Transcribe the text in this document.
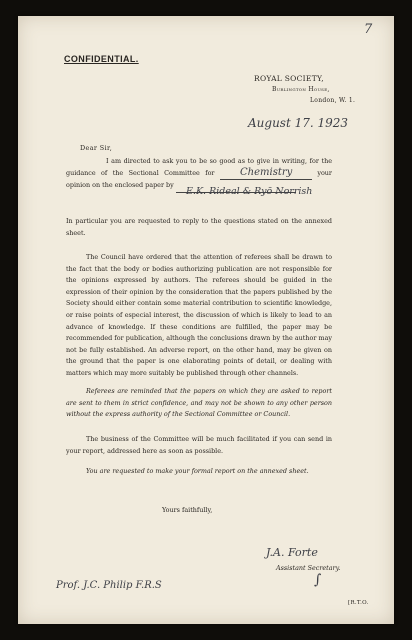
7
CONFIDENTIAL.
ROYAL SOCIETY,
Burlington House,
London, W. 1.
August 17. 1923
Dear Sir,

I am directed to ask you to be so good as to give in writing, for the guidance of the Sectional Committee for	your opinion on the enclosed paper by

Chemistry
E.K. Rideal & Ryō Norrish

In particular you are requested to reply to the questions stated on the annexed sheet.

The Council have ordered that the attention of referees shall be drawn to the fact that the body or bodies authorizing publication are not responsible for the opinions expressed by authors. The referees should be guided in the expression of their opinion by the consideration that the papers published by the Society should either contain some material contribution to scientific knowledge, or raise points of especial interest, the discussion of which is likely to lead to an advance of knowledge. If these conditions are fulfilled, the paper may be recommended for publication, although the conclusions drawn by the author may not be fully established. An adverse report, on the other hand, may be given on the ground that the paper is one elaborating points of detail, or dealing with matters which may more suitably be published through other channels.

Referees are reminded that the papers on which they are asked to report are sent to them in strict confidence, and may not be shown to any other person without the express authority of the Sectional Committee or Council.

The business of the Committee will be much facilitated if you can send in your report, addressed here as soon as possible.

You are requested to make your formal report on the annexed sheet.

Yours faithfully,
J.A. Forte
Assistant Secretary.
∫
Prof. J.C. Philip F.R.S
[R.T.O.
